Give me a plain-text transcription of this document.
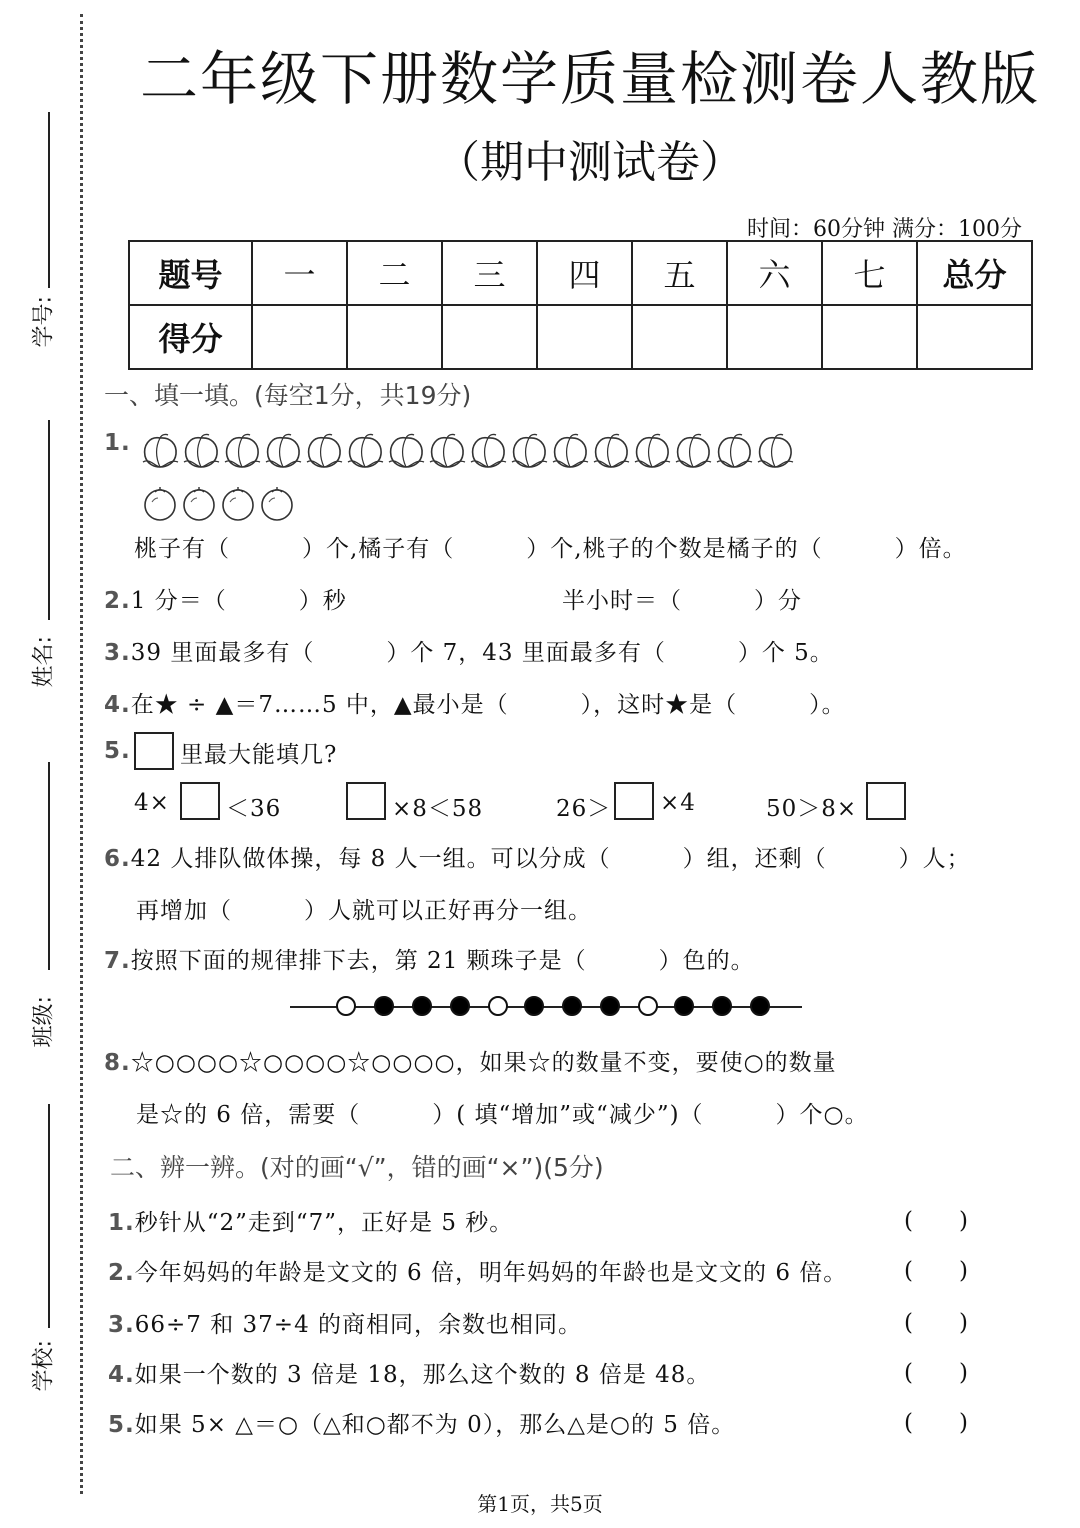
学号:
姓名:
班级:
学校:
二年级下册数学质量检测卷人教版
（期中测试卷）
时间：60分钟 满分：100分
题号	一	二	三	四	五	六	七	总分
得分								
一、填一填。(每空1分，共19分)
1.
桃子有（　　　）个,橘子有（　　　）个,桃子的个数是橘子的（　　　）倍。
2.1 分＝（　　　）秒	半小时＝（　　　）分
3.39 里面最多有（　　　）个 7，43 里面最多有（　　　）个 5。
4.在★ ÷ ▲＝7……5 中，▲最小是（　　　），这时★是（　　　）。
5. 里最大能填几?
4× ＜36	×8＜58	26＞ ×4	50＞8×
6.42 人排队做体操，每 8 人一组。可以分成（　　　）组，还剩（　　　）人；
再增加（　　　）人就可以正好再分一组。
7.按照下面的规律排下去，第 21 颗珠子是（　　　）色的。
8.☆○○○○☆○○○○☆○○○○，如果☆的数量不变，要使○的数量
是☆的 6 倍，需要（　　　）( 填“增加”或“减少”)（　　　）个○。
二、辨一辨。(对的画“√”，错的画“×”)(5分)
1.秒针从“2”走到“7”，正好是 5 秒。	(　　)
2.今年妈妈的年龄是文文的 6 倍，明年妈妈的年龄也是文文的 6 倍。 (　　)
3.66÷7 和 37÷4 的商相同，余数也相同。	(　　)
4.如果一个数的 3 倍是 18，那么这个数的 8 倍是 48。	(　　)
5.如果 5× △＝○（△和○都不为 0），那么△是○的 5 倍。	(　　)
第1页，共5页
